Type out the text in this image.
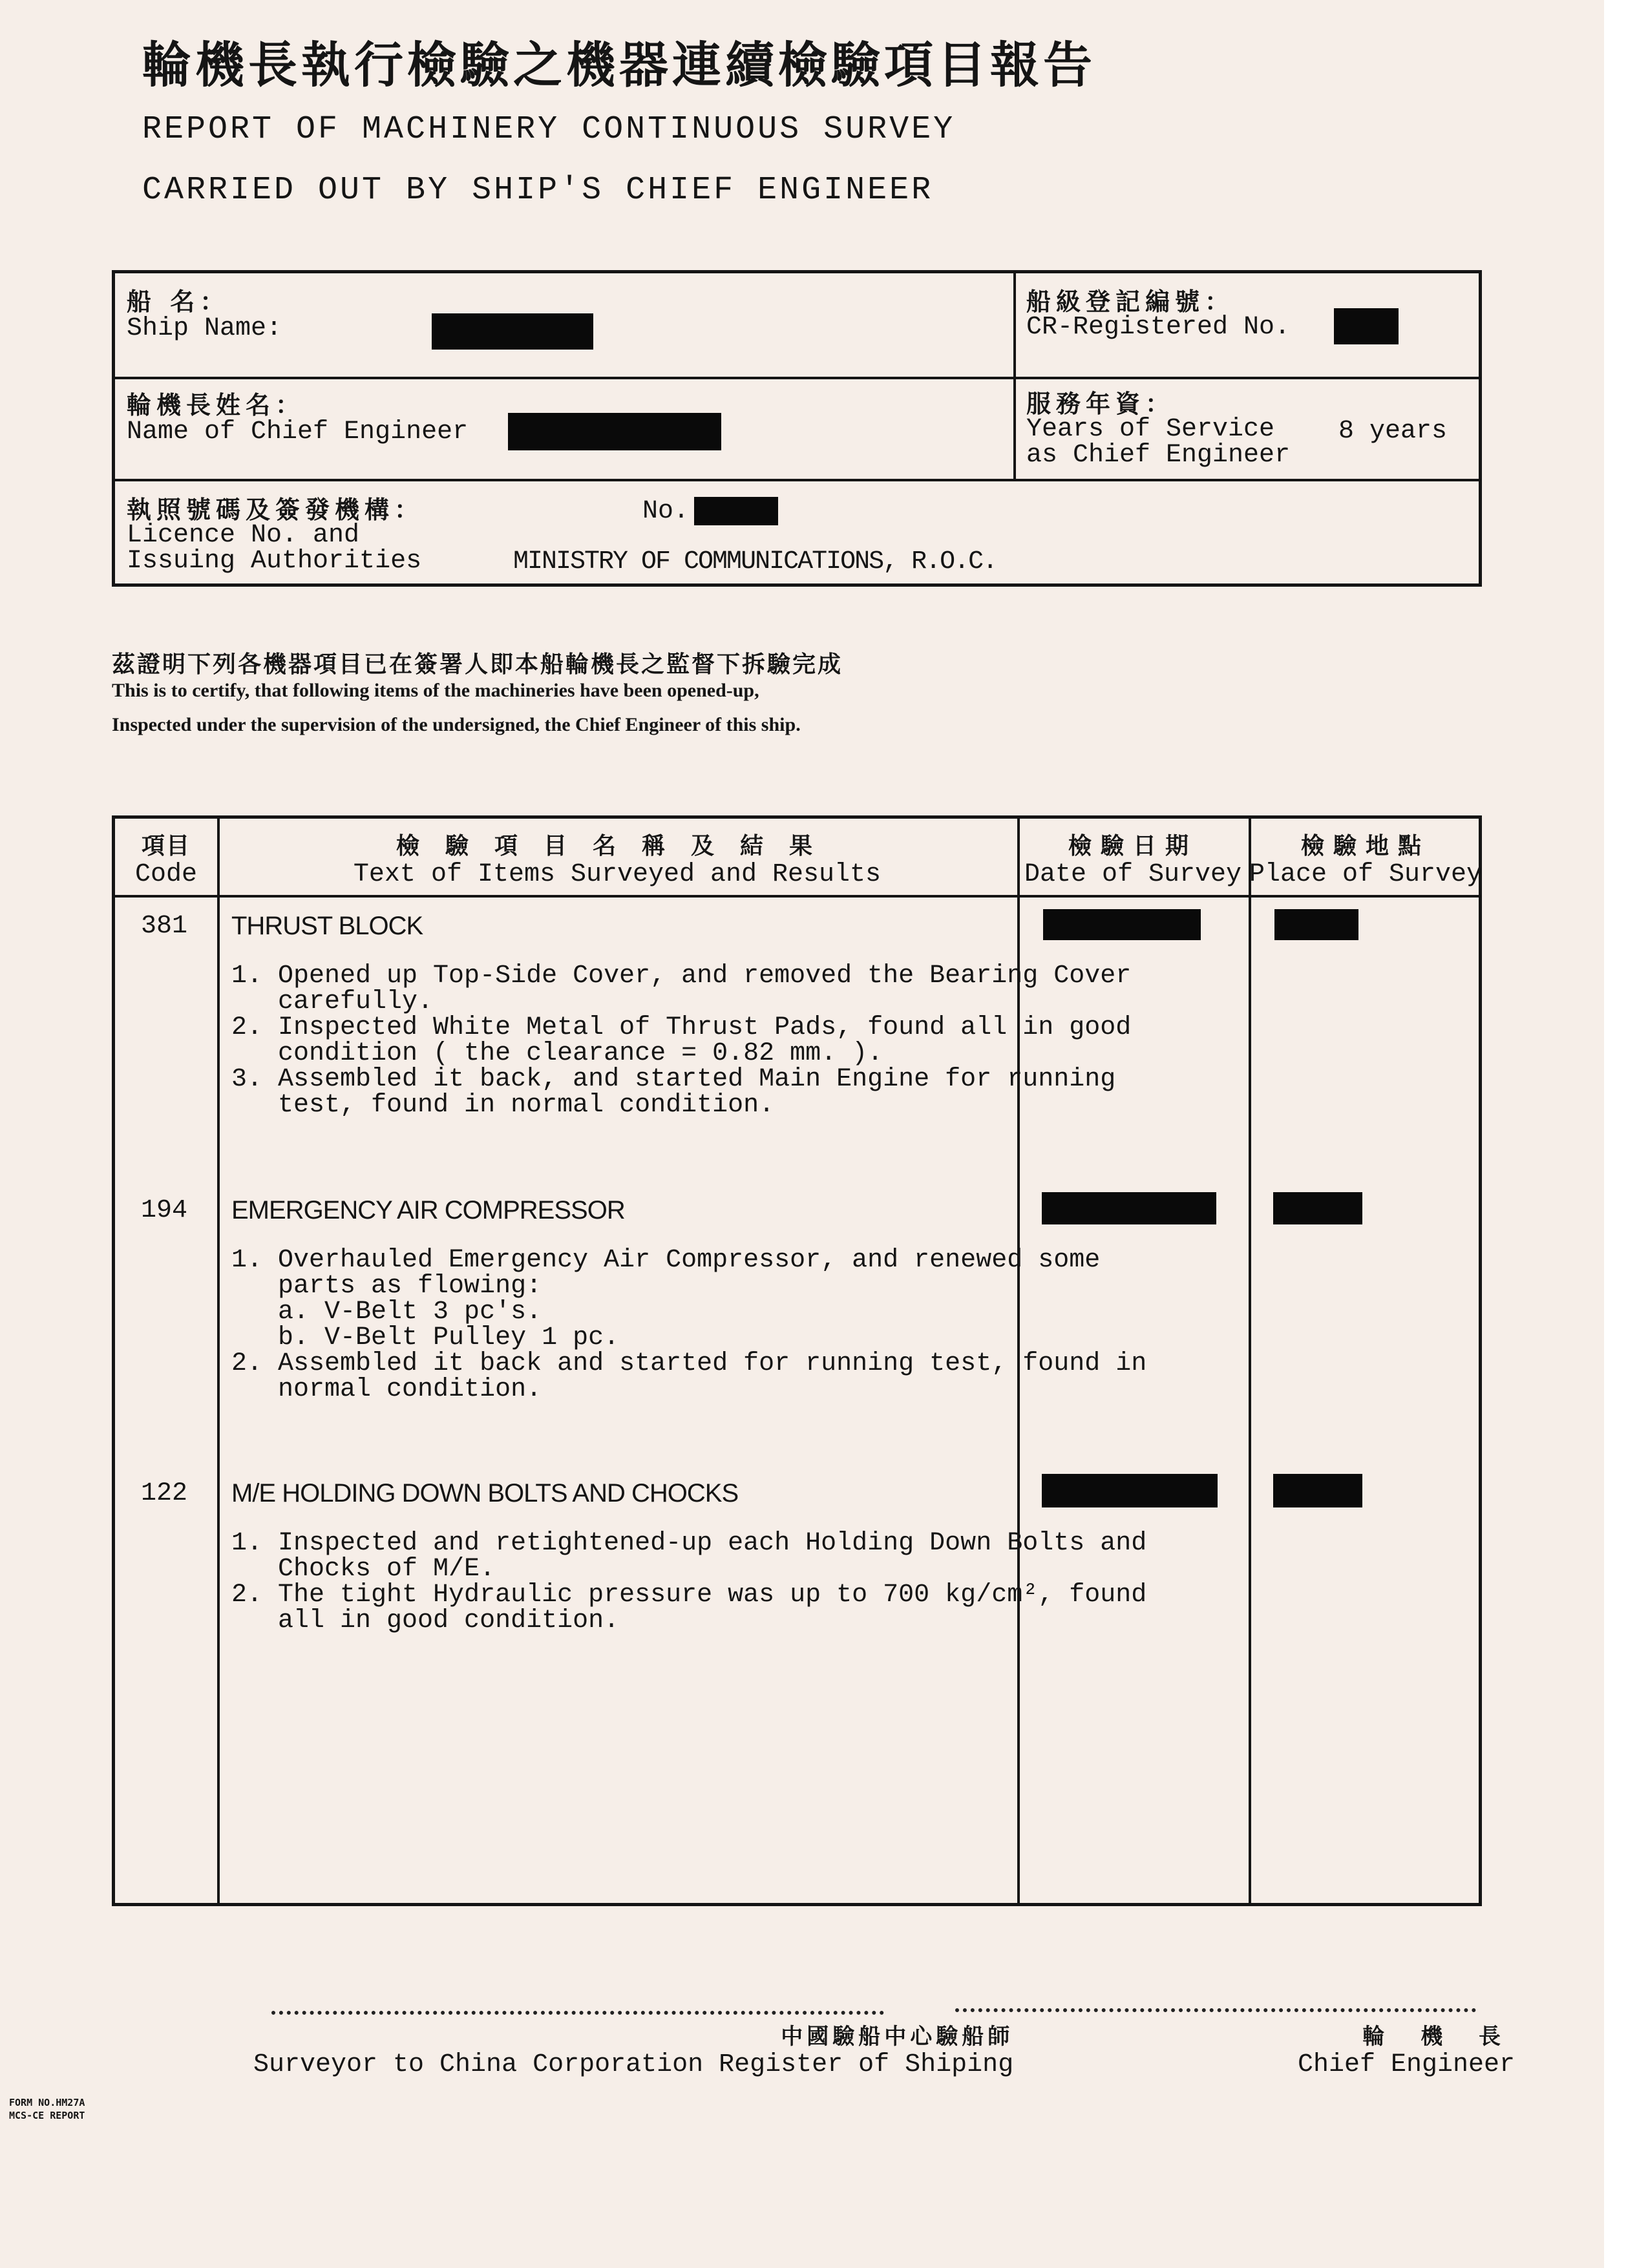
輪機長執行檢驗之機器連續檢驗項目報告
REPORT OF MACHINERY CONTINUOUS SURVEY
CARRIED OUT BY SHIP'S CHIEF ENGINEER
船 名：
Ship Name:
船級登記編號：
CR-Registered No.
輪機長姓名：
Name of Chief Engineer
服務年資：
Years of Service
as Chief Engineer
8 years
執照號碼及簽發機構：
Licence No. and
Issuing Authorities
No.
MINISTRY OF COMMUNICATIONS, R.O.C.
茲證明下列各機器項目已在簽署人即本船輪機長之監督下拆驗完成
This is to certify, that following items of the machineries have been opened-up,
Inspected under the supervision of the undersigned, the Chief Engineer of this ship.
項目
Code
檢驗項目名稱及結果
Text of Items Surveyed and Results
檢驗日期
Date of Survey
檢驗地點
Place of Survey
381 THRUST BLOCK
1. Opened up Top-Side Cover, and removed the Bearing Cover
carefully.
2. Inspected White Metal of Thrust Pads, found all in good
condition ( the clearance = 0.82 mm. ).
3. Assembled it back, and started Main Engine for running
test, found in normal condition.
194 EMERGENCY AIR COMPRESSOR
1. Overhauled Emergency Air Compressor, and renewed some
parts as flowing:
a. V-Belt 3 pc's.
b. V-Belt Pulley 1 pc.
2. Assembled it back and started for running test, found in
normal condition.
122 M/E HOLDING DOWN BOLTS AND CHOCKS
1. Inspected and retightened-up each Holding Down Bolts and
Chocks of M/E.
2. The tight Hydraulic pressure was up to 700 kg/cm², found
all in good condition.
中國驗船中心驗船師
Surveyor to China Corporation Register of Shiping
輪 機 長
Chief Engineer
FORM NO.HM27A
MCS-CE REPORT
